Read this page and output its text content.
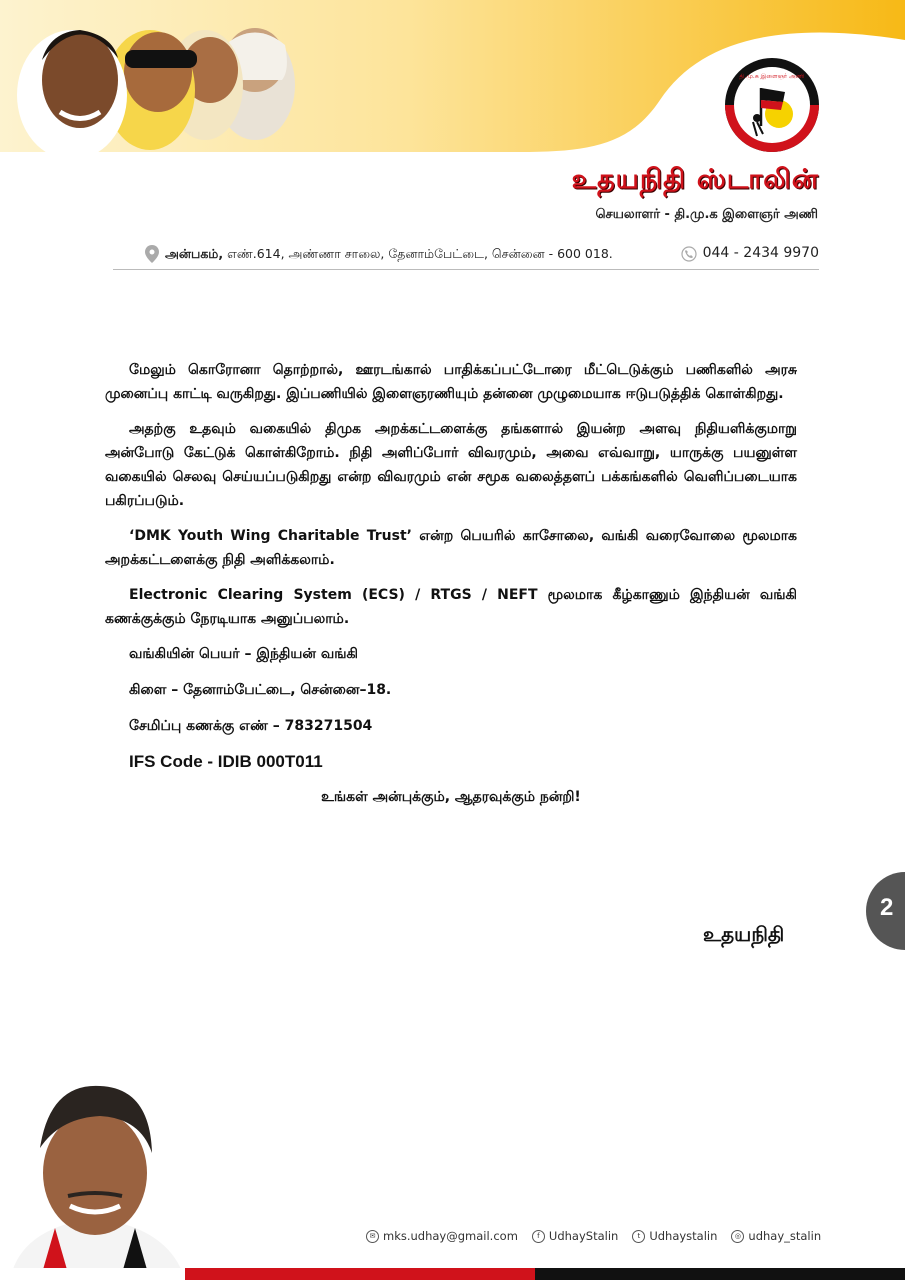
தி.மு.க இளைஞர் அணி
உதயநிதி ஸ்டாலின்
செயலாளர் - தி.மு.க இளைஞர் அணி
அன்பகம், எண்.614, அண்ணா சாலை, தேனாம்பேட்டை, சென்னை - 600 018.	044 - 2434 9970

மேலும் கொரோனா தொற்றால், ஊரடங்கால் பாதிக்கப்பட்டோரை மீட்டெடுக்கும் பணிகளில் அரசு முனைப்பு காட்டி வருகிறது. இப்பணியில் இளைஞரணியும் தன்னை முழுமையாக ஈடுபடுத்திக் கொள்கிறது.

அதற்கு உதவும் வகையில் திமுக அறக்கட்டளைக்கு தங்களால் இயன்ற அளவு நிதியளிக்குமாறு அன்போடு கேட்டுக் கொள்கிறோம். நிதி அளிப்போர் விவரமும், அவை எவ்வாறு, யாருக்கு பயனுள்ள வகையில் செலவு செய்யப்படுகிறது என்ற விவரமும் என் சமூக வலைத்தளப் பக்கங்களில் வெளிப்படையாக பகிரப்படும்.

‘DMK Youth Wing Charitable Trust’ என்ற பெயரில் காசோலை, வங்கி வரைவோலை மூலமாக அறக்கட்டளைக்கு நிதி அளிக்கலாம்.

Electronic Clearing System (ECS) / RTGS / NEFT மூலமாக கீழ்காணும் இந்தியன் வங்கி கணக்குக்கும் நேரடியாக அனுப்பலாம்.

வங்கியின் பெயர் – இந்தியன் வங்கி
கிளை – தேனாம்பேட்டை, சென்னை–18.
சேமிப்பு கணக்கு எண் – 783271504
IFS Code - IDIB 000T011
உங்கள் அன்புக்கும், ஆதரவுக்கும் நன்றி!
உதயநிதி
2
✉ mks.udhay@gmail.com	f UdhayStalin	t Udhaystalin	◎ udhay_stalin
